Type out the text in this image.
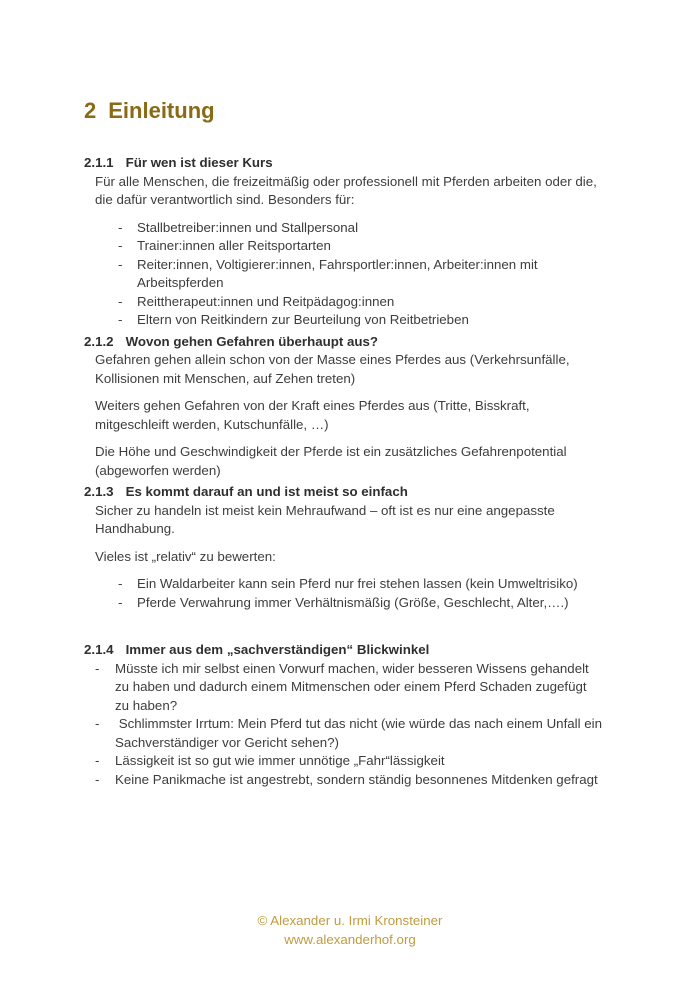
2 Einleitung
2.1.1 Für wen ist dieser Kurs

Für alle Menschen, die freizeitmäßig oder professionell mit Pferden arbeiten oder die, die dafür verantwortlich sind. Besonders für:

-	Stallbetreiber:innen und Stallpersonal
-	Trainer:innen aller Reitsportarten
-	Reiter:innen, Voltigierer:innen, Fahrsportler:innen, Arbeiter:innen mit Arbeitspferden
-	Reittherapeut:innen und Reitpädagog:innen
-	Eltern von Reitkindern zur Beurteilung von Reitbetrieben
2.1.2 Wovon gehen Gefahren überhaupt aus?

Gefahren gehen allein schon von der Masse eines Pferdes aus (Verkehrsunfälle, Kollisionen mit Menschen, auf Zehen treten)

Weiters gehen Gefahren von der Kraft eines Pferdes aus (Tritte, Bisskraft, mitgeschleift werden, Kutschunfälle, …)

Die Höhe und Geschwindigkeit der Pferde ist ein zusätzliches Gefahrenpotential (abgeworfen werden)

2.1.3 Es kommt darauf an und ist meist so einfach

Sicher zu handeln ist meist kein Mehraufwand – oft ist es nur eine angepasste Handhabung.

Vieles ist „relativ“ zu bewerten:

-	Ein Waldarbeiter kann sein Pferd nur frei stehen lassen (kein Umweltrisiko)
-	Pferde Verwahrung immer Verhältnismäßig (Größe, Geschlecht, Alter,….)
2.1.4 Immer aus dem „sachverständigen“ Blickwinkel
-	Müsste ich mir selbst einen Vorwurf machen, wider besseren Wissens gehandelt zu haben und dadurch einem Mitmenschen oder einem Pferd Schaden zugefügt zu haben?
-	Schlimmster Irrtum: Mein Pferd tut das nicht (wie würde das nach einem Unfall ein Sachverständiger vor Gericht sehen?)
-	Lässigkeit ist so gut wie immer unnötige „Fahr“lässigkeit
-	Keine Panikmache ist angestrebt, sondern ständig besonnenes Mitdenken gefragt
© Alexander u. Irmi Kronsteiner
www.alexanderhof.org
